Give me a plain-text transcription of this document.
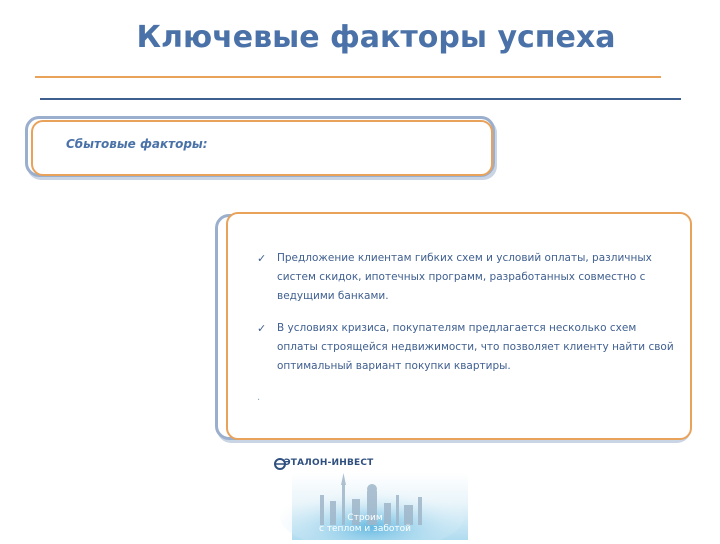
Ключевые факторы успеха
Сбытовые факторы:
✓ Предложение клиентам гибких схем и условий оплаты, различных систем скидок, ипотечных программ, разработанных совместно с ведущими банками.
✓ В условиях кризиса, покупателям предлагается несколько схем оплаты строящейся недвижимости, что позволяет клиенту найти свой оптимальный вариант покупки квартиры.
.
ЭТАЛОН-ИНВЕСТ
Строим
с теплом и заботой
